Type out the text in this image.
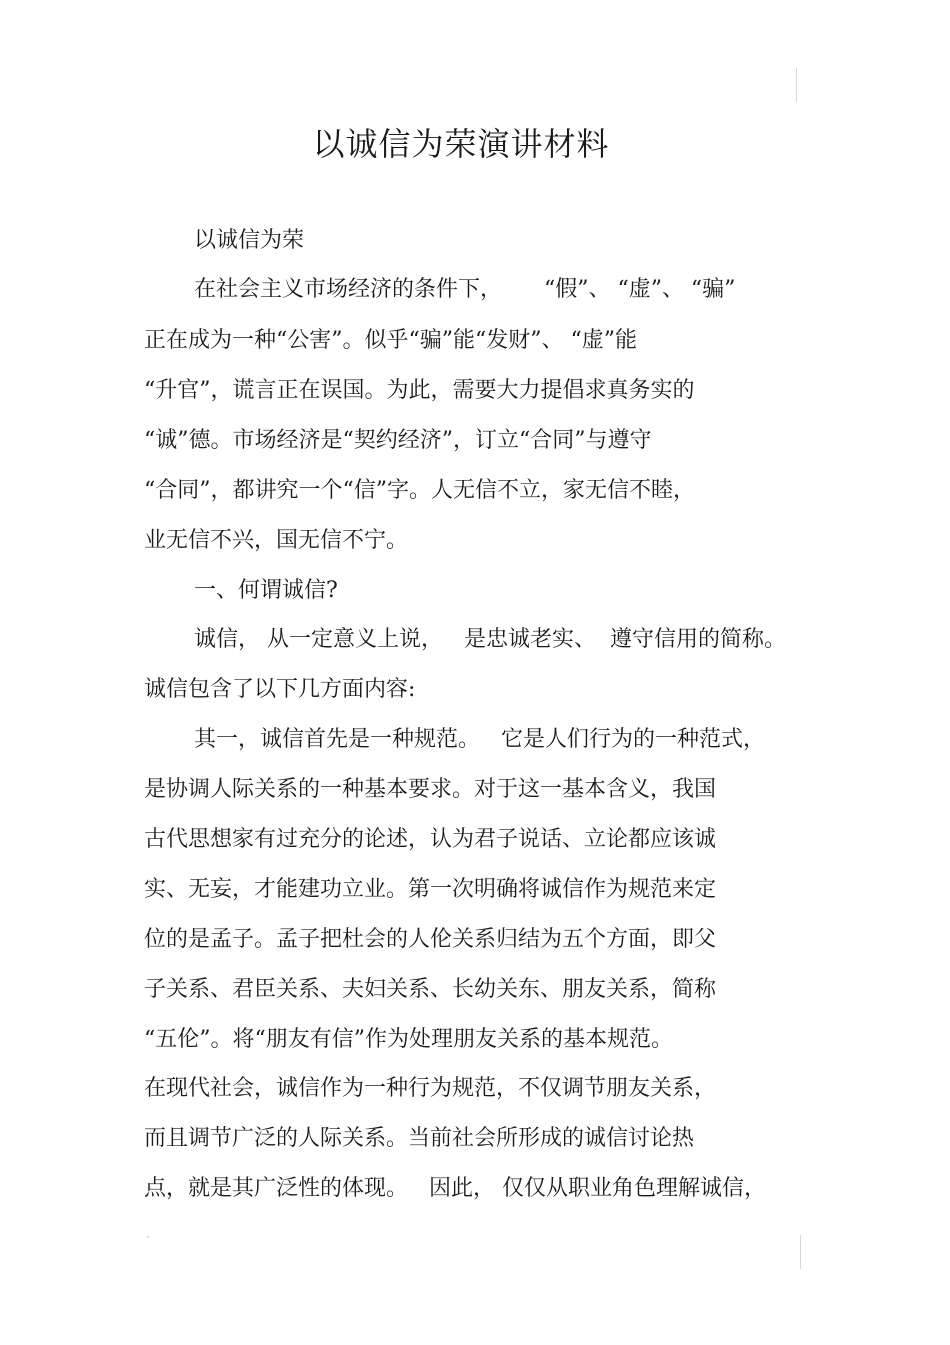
以诚信为荣演讲材料
以诚信为荣
在社会主义市场经济的条件下，      “假”、 “虚”、 “骗”
正在成为一种“公害”。似乎“骗”能“发财”、 “虚”能
“升官”，谎言正在误国。为此，需要大力提倡求真务实的
“诚”德。市场经济是“契约经济”，订立“合同”与遵守
“合同”，都讲究一个“信”字。人无信不立，家无信不睦，
业无信不兴，国无信不宁。
一、何谓诚信?
诚信， 从一定意义上说，   是忠诚老实、  遵守信用的简称。
诚信包含了以下几方面内容:
其一，诚信首先是一种规范。   它是人们行为的一种范式，
是协调人际关系的一种基本要求。对于这一基本含义，我国
古代思想家有过充分的论述，认为君子说话、立论都应该诚
实、无妄，才能建功立业。第一次明确将诚信作为规范来定
位的是孟子。孟子把杜会的人伦关系归结为五个方面，即父
子关系、君臣关系、夫妇关系、长幼关东、朋友关系，简称
“五伦”。将“朋友有信”作为处理朋友关系的基本规范。
在现代社会，诚信作为一种行为规范，不仅调节朋友关系，
而且调节广泛的人际关系。当前社会所形成的诚信讨论热
点，就是其广泛性的体现。   因此， 仅仅从职业角色理解诚信，
